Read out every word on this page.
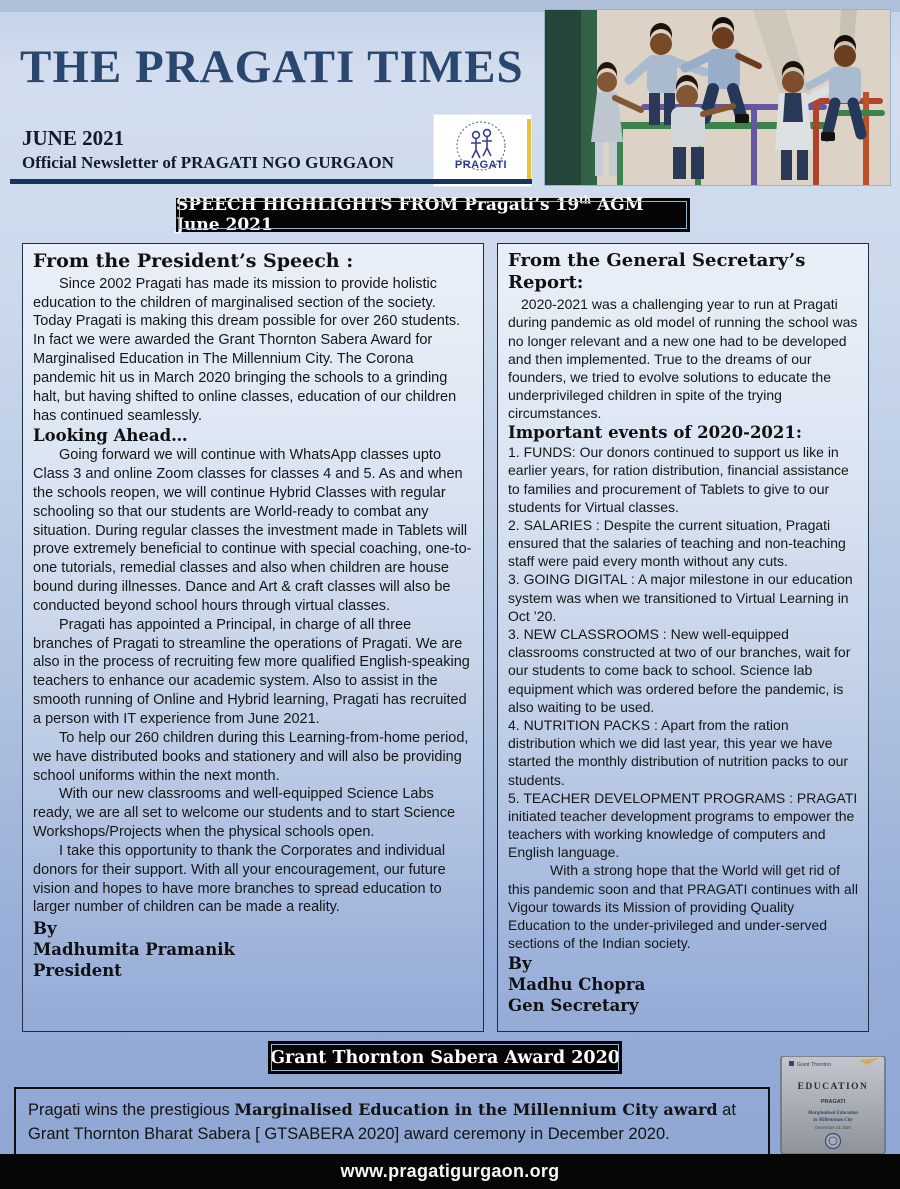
THE PRAGATI TIMES
JUNE 2021
Official Newsletter of PRAGATI NGO GURGAON	PRAGATI
SPEECH HIGHLIGHTS FROM Pragati’s 19th AGM June 2021
From the President’s Speech :

Since 2002 Pragati has made its mission to provide holistic education to the children of marginalised section of the society. Today Pragati is making this dream possible for over 260 students. In fact we were awarded the Grant Thornton Sabera Award for Marginalised Education in The Millennium City. The Corona pandemic hit us in March 2020 bringing the schools to a grinding halt, but having shifted to online classes, education of our children has continued seamlessly.

Looking Ahead…

Going forward we will continue with WhatsApp classes upto Class 3 and online Zoom classes for classes 4 and 5. As and when the schools reopen, we will continue Hybrid Classes with regular schooling so that our students are World-ready to combat any situation. During regular classes the investment made in Tablets will prove extremely beneficial to continue with special coaching, one-to-one tutorials, remedial classes and also when children are house bound during illnesses. Dance and Art & craft classes will also be conducted beyond school hours through virtual classes.

Pragati has appointed a Principal, in charge of all three branches of Pragati to streamline the operations of Pragati. We are also in the process of recruiting few more qualified English-speaking teachers to enhance our academic system. Also to assist in the smooth running of Online and Hybrid learning, Pragati has recruited a person with IT experience from June 2021.

To help our 260 children during this Learning-from-home period, we have distributed books and stationery and will also be providing school uniforms within the next month.

With our new classrooms and well-equipped Science Labs ready, we are all set to welcome our students and to start Science Workshops/Projects when the physical schools open.

I take this opportunity to thank the Corporates and individual donors for their support. With all your encouragement, our future vision and hopes to have more branches to spread education to larger number of children can be made a reality.

By
Madhumita Pramanik
President
From the General Secretary’s Report:

2020-2021 was a challenging year to run at Pragati during pandemic as old model of running the school was no longer relevant and a new one had to be developed and then implemented. True to the dreams of our founders, we tried to evolve solutions to educate the underprivileged children in spite of the trying circumstances.

Important events of 2020-2021:

1. FUNDS: Our donors continued to support us like in earlier years, for ration distribution, financial assistance to families and procurement of Tablets to give to our students for Virtual classes.

2. SALARIES : Despite the current situation, Pragati ensured that the salaries of teaching and non-teaching staff were paid every month without any cuts.

3. GOING DIGITAL : A major milestone in our education system was when we transitioned to Virtual Learning in Oct ’20.

3. NEW CLASSROOMS : New well-equipped classrooms constructed at two of our branches, wait for our students to come back to school. Science lab equipment which was ordered before the pandemic, is also waiting to be used.

4. NUTRITION PACKS : Apart from the ration distribution which we did last year, this year we have started the monthly distribution of nutrition packs to our students.

5. TEACHER DEVELOPMENT PROGRAMS : PRAGATI initiated teacher development programs to empower the teachers with working knowledge of computers and English language.

With a strong hope that the World will get rid of this pandemic soon and that PRAGATI continues with all Vigour towards its Mission of providing Quality Education to the under-privileged and under-served sections of the Indian society.

By
Madhu Chopra
Gen Secretary
Grant Thornton Sabera Award 2020
Pragati wins the prestigious Marginalised Education in the Millennium City award at Grant Thornton Bharat Sabera [ GTSABERA 2020] award ceremony in December 2020.
Grant Thornton
EDUCATION
PRAGATI
Marginalised Education
in Millennium City
December 15 2020
www.pragatigurgaon.org
